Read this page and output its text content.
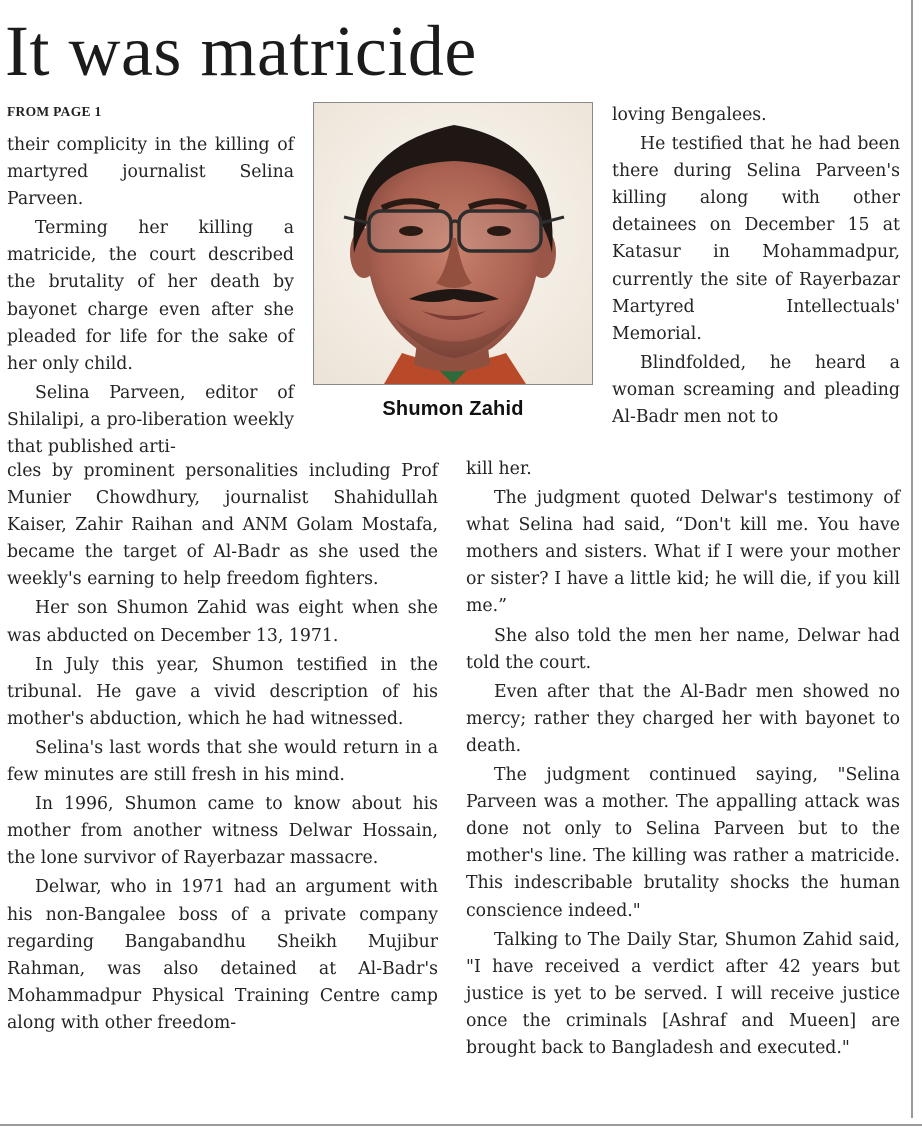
It was matricide
FROM PAGE 1

their complicity in the killing of martyred journalist Selina Parveen.

Terming her killing a matricide, the court described the brutality of her death by bayonet charge even after she pleaded for life for the sake of her only child.

Selina Parveen, editor of Shilalipi, a pro-liberation weekly that published arti-

cles by prominent personalities including Prof Munier Chowdhury, journalist Shahidullah Kaiser, Zahir Raihan and ANM Golam Mostafa, became the target of Al-Badr as she used the weekly's earning to help freedom fighters.

Her son Shumon Zahid was eight when she was abducted on December 13, 1971.

In July this year, Shumon testified in the tribunal. He gave a vivid description of his mother's abduction, which he had witnessed.

Selina's last words that she would return in a few minutes are still fresh in his mind.

In 1996, Shumon came to know about his mother from another witness Delwar Hossain, the lone survivor of Rayerbazar massacre.

Delwar, who in 1971 had an argument with his non-Bangalee boss of a private company regarding Bangabandhu Sheikh Mujibur Rahman, was also detained at Al-Badr's Mohammadpur Physical Training Centre camp along with other freedom-

Shumon Zahid

loving Bengalees.

He testified that he had been there during Selina Parveen's killing along with other detainees on December 15 at Katasur in Mohammadpur, currently the site of Rayerbazar Martyred Intellectuals' Memorial.

Blindfolded, he heard a woman screaming and pleading Al-Badr men not to

kill her.

The judgment quoted Delwar's testimony of what Selina had said, “Don't kill me. You have mothers and sisters. What if I were your mother or sister? I have a little kid; he will die, if you kill me.”

She also told the men her name, Delwar had told the court.

Even after that the Al-Badr men showed no mercy; rather they charged her with bayonet to death.

The judgment continued saying, "Selina Parveen was a mother. The appalling attack was done not only to Selina Parveen but to the mother's line. The killing was rather a matricide. This indescribable brutality shocks the human conscience indeed."

Talking to The Daily Star, Shumon Zahid said, "I have received a verdict after 42 years but justice is yet to be served. I will receive justice once the criminals [Ashraf and Mueen] are brought back to Bangladesh and executed."
